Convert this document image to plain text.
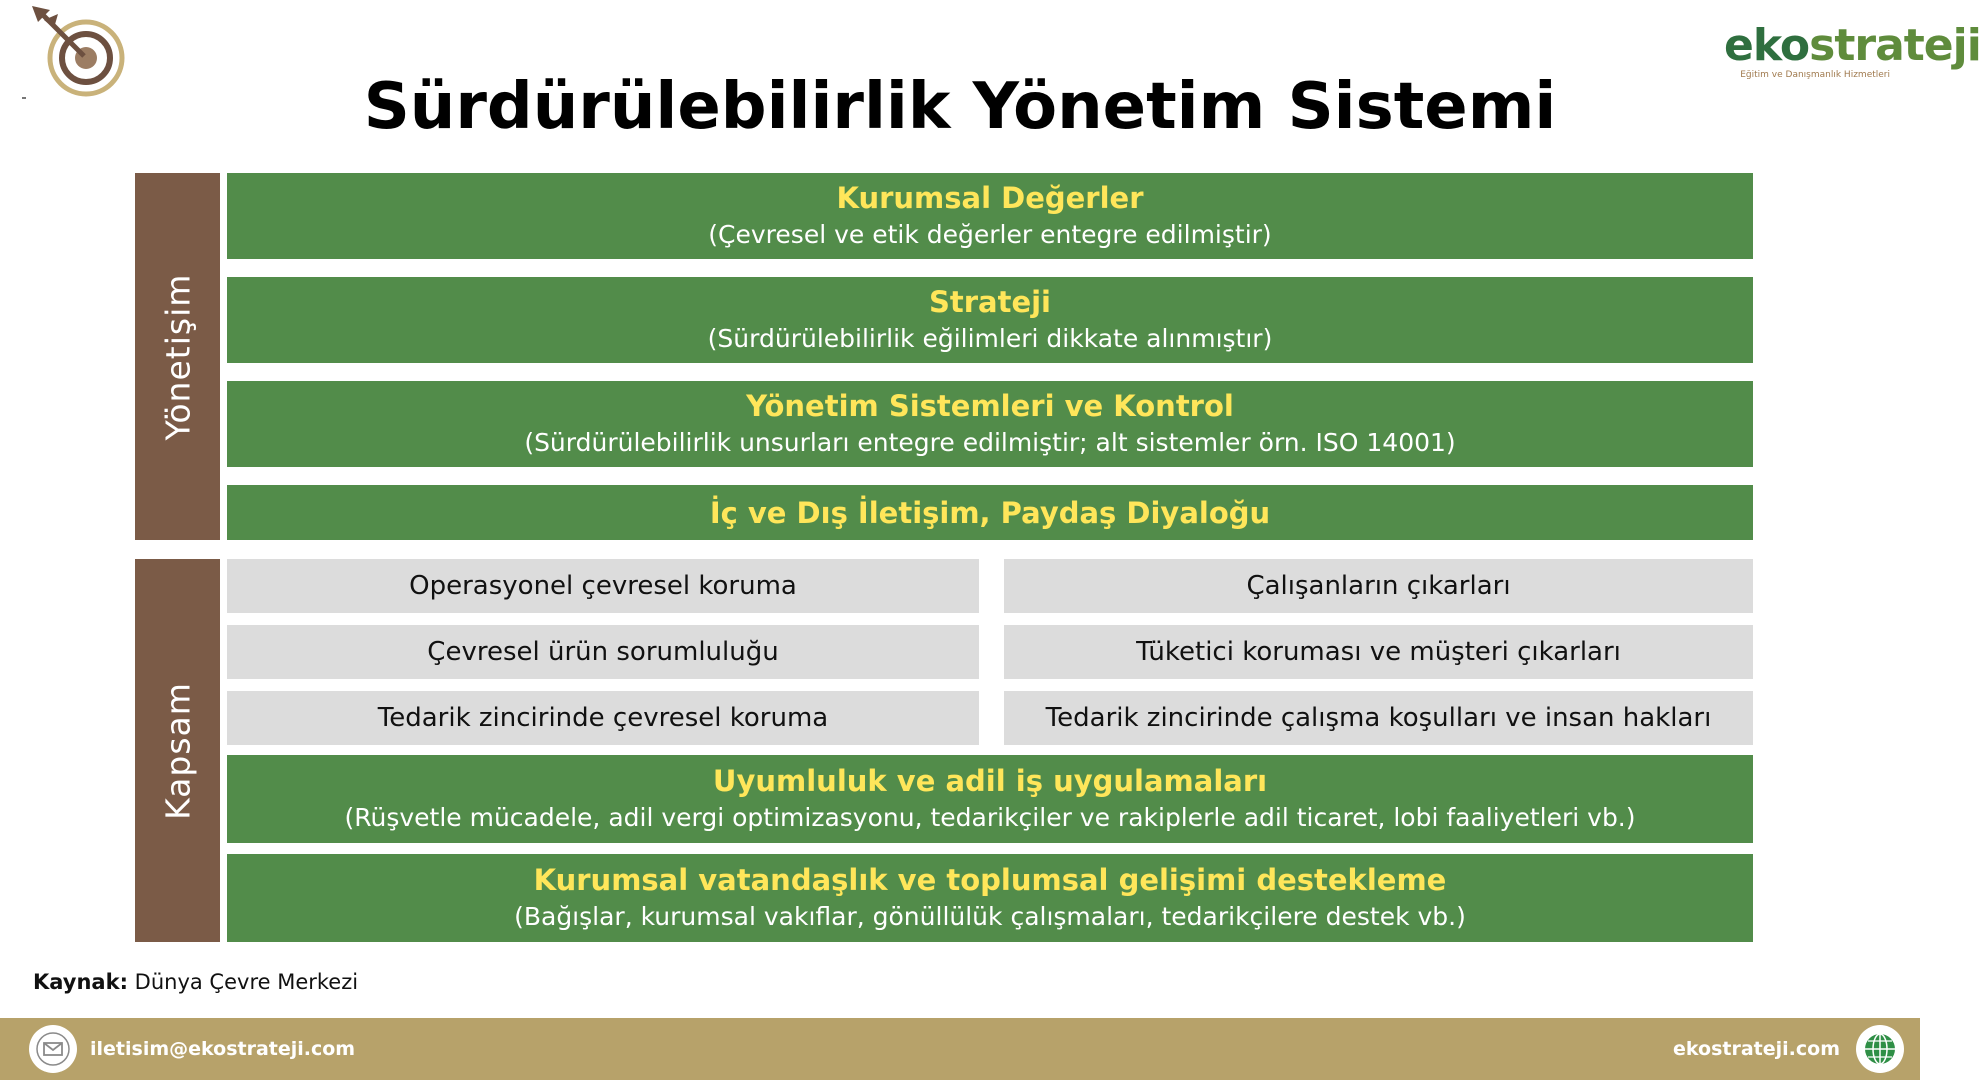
ekostrateji
Eğitim ve Danışmanlık Hizmetleri
Sürdürülebilirlik Yönetim Sistemi
Yönetişim
Kurumsal Değerler
(Çevresel ve etik değerler entegre edilmiştir)
Strateji
(Sürdürülebilirlik eğilimleri dikkate alınmıştır)
Yönetim Sistemleri ve Kontrol
(Sürdürülebilirlik unsurları entegre edilmiştir; alt sistemler örn. ISO 14001)
İç ve Dış İletişim, Paydaş Diyaloğu
Kapsam
Operasyonel çevresel koruma
Çevresel ürün sorumluluğu
Tedarik zincirinde çevresel koruma
Çalışanların çıkarları
Tüketici koruması ve müşteri çıkarları
Tedarik zincirinde çalışma koşulları ve insan hakları
Uyumluluk ve adil iş uygulamaları
(Rüşvetle mücadele, adil vergi optimizasyonu, tedarikçiler ve rakiplerle adil ticaret, lobi faaliyetleri vb.)
Kurumsal vatandaşlık ve toplumsal gelişimi destekleme
(Bağışlar, kurumsal vakıflar, gönüllülük çalışmaları, tedarikçilere destek vb.)
Kaynak: Dünya Çevre Merkezi
iletisim@ekostrateji.com	ekostrateji.com
